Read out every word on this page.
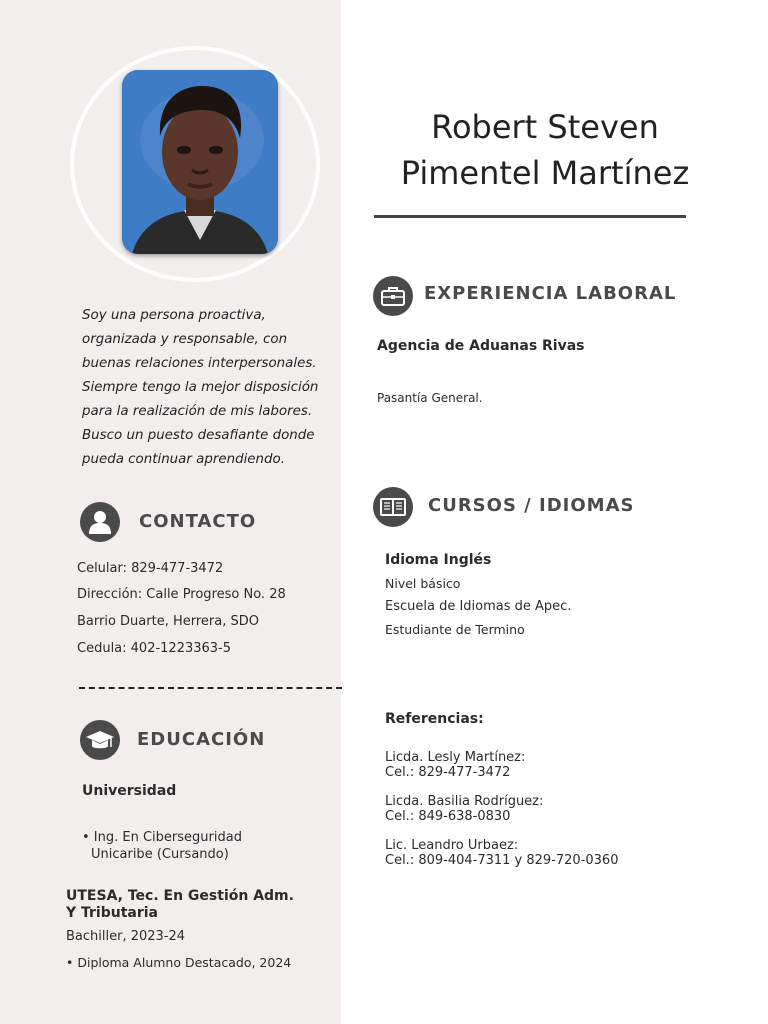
Soy una persona proactiva,
organizada y responsable, con
buenas relaciones interpersonales.
Siempre tengo la mejor disposición
para la realización de mis labores.
Busco un puesto desafiante donde
pueda continuar aprendiendo.
CONTACTO
Celular: 829-477-3472
Dirección: Calle Progreso No. 28
Barrio Duarte, Herrera, SDO
Cedula: 402-1223363-5
EDUCACIÓN
Universidad
• Ing. En Ciberseguridad
Unicaribe (Cursando)
UTESA, Tec. En Gestión Adm.
Y Tributaria
Bachiller, 2023-24
• Diploma Alumno Destacado, 2024
Robert Steven
Pimentel Martínez
EXPERIENCIA LABORAL
Agencia de Aduanas Rivas
Pasantía General.
CURSOS / IDIOMAS
Idioma Inglés
Nivel básico
Escuela de Idiomas de Apec.
Estudiante de Termino
Referencias:
Licda. Lesly Martínez:
Cel.: 829-477-3472
Licda. Basilia Rodríguez:
Cel.: 849-638-0830
Lic. Leandro Urbaez:
Cel.: 809-404-7311 y 829-720-0360
